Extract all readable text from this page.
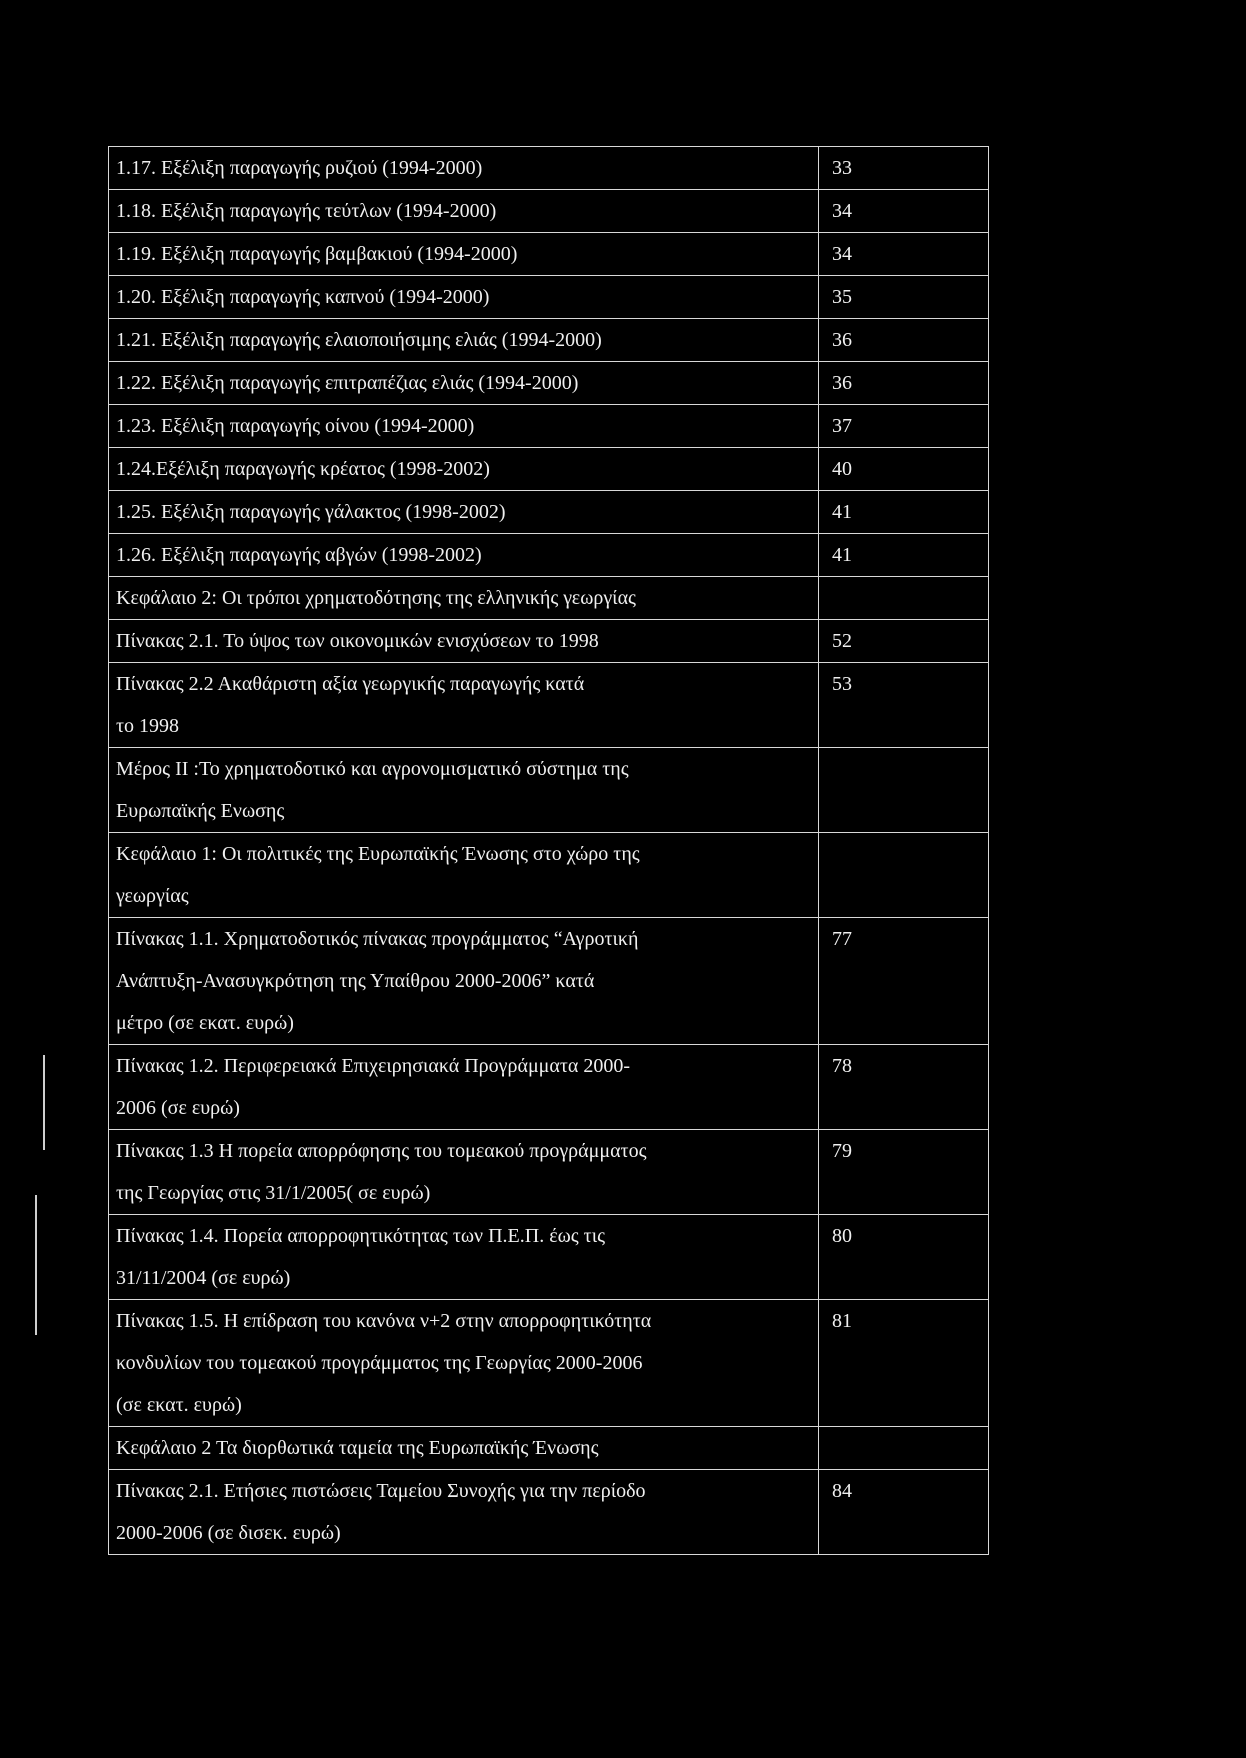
1.17. Εξέλιξη παραγωγής ρυζιού (1994-2000)	33

1.18. Εξέλιξη παραγωγής τεύτλων (1994-2000)	34

1.19. Εξέλιξη παραγωγής βαμβακιού (1994-2000)	34

1.20. Εξέλιξη παραγωγής καπνού (1994-2000)	35

1.21. Εξέλιξη παραγωγής ελαιοποιήσιμης ελιάς (1994-2000)	36

1.22. Εξέλιξη παραγωγής επιτραπέζιας ελιάς (1994-2000)	36

1.23. Εξέλιξη παραγωγής οίνου (1994-2000)	37

1.24.Εξέλιξη παραγωγής κρέατος (1998-2002)	40

1.25. Εξέλιξη παραγωγής γάλακτος (1998-2002)	41

1.26. Εξέλιξη παραγωγής αβγών (1998-2002)	41

Κεφάλαιο 2: Οι τρόποι χρηματοδότησης της ελληνικής γεωργίας	

Πίνακας 2.1. Το ύψος των οικονομικών ενισχύσεων το 1998	52

Πίνακας 2.2 Ακαθάριστη αξία γεωργικής παραγωγής κατά
το 1998	53

Μέρος ΙΙ :Το χρηματοδοτικό και αγρονομισματικό σύστημα της
Ευρωπαϊκής Ενωσης	

Κεφάλαιο 1: Οι πολιτικές της Ευρωπαϊκής Ένωσης στο χώρο της
γεωργίας	

Πίνακας 1.1. Χρηματοδοτικός πίνακας προγράμματος “Αγροτική
Ανάπτυξη-Ανασυγκρότηση της Υπαίθρου 2000-2006” κατά
μέτρο (σε εκατ. ευρώ)	77

Πίνακας 1.2. Περιφερειακά Επιχειρησιακά Προγράμματα 2000-
2006 (σε ευρώ)	78

Πίνακας 1.3 Η πορεία απορρόφησης του τομεακού προγράμματος
της Γεωργίας στις 31/1/2005( σε ευρώ)	79

Πίνακας 1.4. Πορεία απορροφητικότητας των Π.Ε.Π. έως τις
31/11/2004 (σε ευρώ)	80

Πίνακας 1.5. Η επίδραση του κανόνα ν+2 στην απορροφητικότητα
κονδυλίων του τομεακού προγράμματος της Γεωργίας 2000-2006
(σε εκατ. ευρώ)	81

Κεφάλαιο 2 Τα διορθωτικά ταμεία της Ευρωπαϊκής Ένωσης	

Πίνακας 2.1. Ετήσιες πιστώσεις Ταμείου Συνοχής για την περίοδο
2000-2006 (σε δισεκ. ευρώ)	84
